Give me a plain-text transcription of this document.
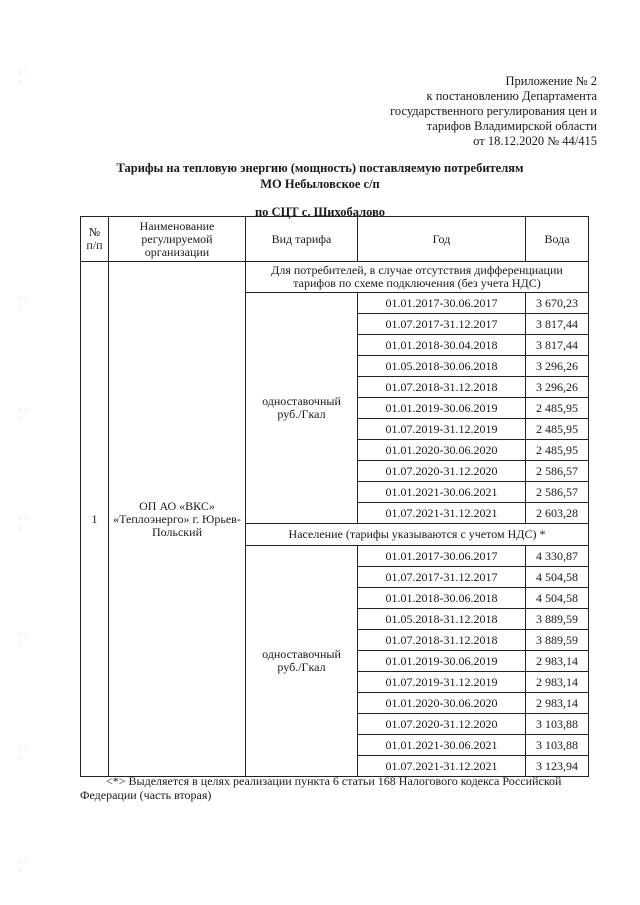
Приложение № 2
к постановлению Департамента
государственного регулирования цен и
тарифов Владимирской области
от 18.12.2020 № 44/415
Тарифы на тепловую энергию (мощность) поставляемую потребителям
МО Небыловское с/п
по СЦТ с. Шихобалово
№ п/п	Наименование регулируемой организации	Вид тарифа	Год	Вода
1	ОП АО «ВКС» «Теплоэнерго» г. Юрьев-Польский	Для потребителей, в случае отсутствия дифференциации тарифов по схеме подключения (без учета НДС)		
		одноставочный руб./Гкал	01.01.2017-30.06.2017	3 670,23
			01.07.2017-31.12.2017	3 817,44
			01.01.2018-30.04.2018	3 817,44
			01.05.2018-30.06.2018	3 296,26
			01.07.2018-31.12.2018	3 296,26
			01.01.2019-30.06.2019	2 485,95
			01.07.2019-31.12.2019	2 485,95
			01.01.2020-30.06.2020	2 485,95
			01.07.2020-31.12.2020	2 586,57
			01.01.2021-30.06.2021	2 586,57
			01.07.2021-31.12.2021	2 603,28
		Население (тарифы указываются с учетом НДС) *		
		одноставочный руб./Гкал	01.01.2017-30.06.2017	4 330,87
			01.07.2017-31.12.2017	4 504,58
			01.01.2018-30.06.2018	4 504,58
			01.05.2018-31.12.2018	3 889,59
			01.07.2018-31.12.2018	3 889,59
			01.01.2019-30.06.2019	2 983,14
			01.07.2019-31.12.2019	2 983,14
			01.01.2020-30.06.2020	2 983,14
			01.07.2020-31.12.2020	3 103,88
			01.01.2021-30.06.2021	3 103,88
			01.07.2021-31.12.2021	3 123,94
<*> Выделяется в целях реализации пункта 6 статьи 168 Налогового кодекса Российской Федерации (часть вторая)
· · ·
· · ·
· · ·
· · ·
· · ·
· · ·
· · ·
